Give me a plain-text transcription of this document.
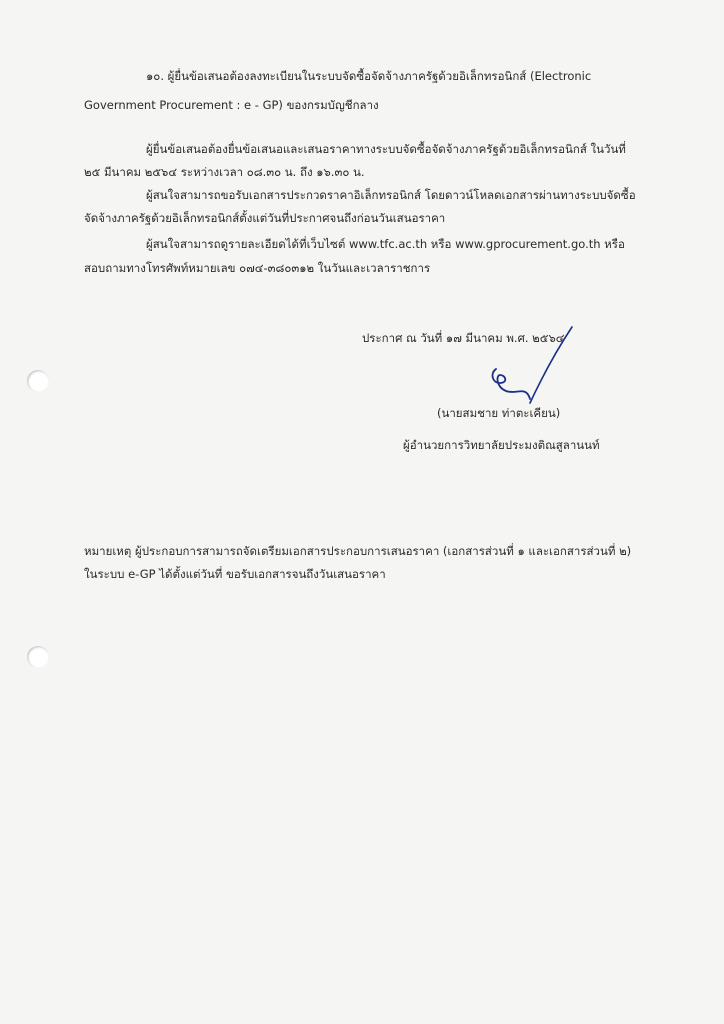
๑๐. ผู้ยื่นข้อเสนอต้องลงทะเบียนในระบบจัดซื้อจัดจ้างภาครัฐด้วยอิเล็กทรอนิกส์ (Electronic
Government Procurement : e - GP) ของกรมบัญชีกลาง
ผู้ยื่นข้อเสนอต้องยื่นข้อเสนอและเสนอราคาทางระบบจัดซื้อจัดจ้างภาครัฐด้วยอิเล็กทรอนิกส์ ในวันที่
๒๕ มีนาคม ๒๕๖๔ ระหว่างเวลา ๐๘.๓๐ น. ถึง ๑๖.๓๐ น.
ผู้สนใจสามารถขอรับเอกสารประกวดราคาอิเล็กทรอนิกส์ โดยดาวน์โหลดเอกสารผ่านทางระบบจัดซื้อ
จัดจ้างภาครัฐด้วยอิเล็กทรอนิกส์ตั้งแต่วันที่ประกาศจนถึงก่อนวันเสนอราคา
ผู้สนใจสามารถดูรายละเอียดได้ที่เว็บไซต์ www.tfc.ac.th หรือ www.gprocurement.go.th หรือ
สอบถามทางโทรศัพท์หมายเลข ๐๗๔-๓๘๐๓๑๒ ในวันและเวลาราชการ
ประกาศ ณ วันที่ ๑๗ มีนาคม พ.ศ. ๒๕๖๔
(นายสมชาย ท่าตะเคียน)
ผู้อำนวยการวิทยาลัยประมงติณสูลานนท์
หมายเหตุ ผู้ประกอบการสามารถจัดเตรียมเอกสารประกอบการเสนอราคา (เอกสารส่วนที่ ๑ และเอกสารส่วนที่ ๒)
ในระบบ e-GP ได้ตั้งแต่วันที่ ขอรับเอกสารจนถึงวันเสนอราคา
